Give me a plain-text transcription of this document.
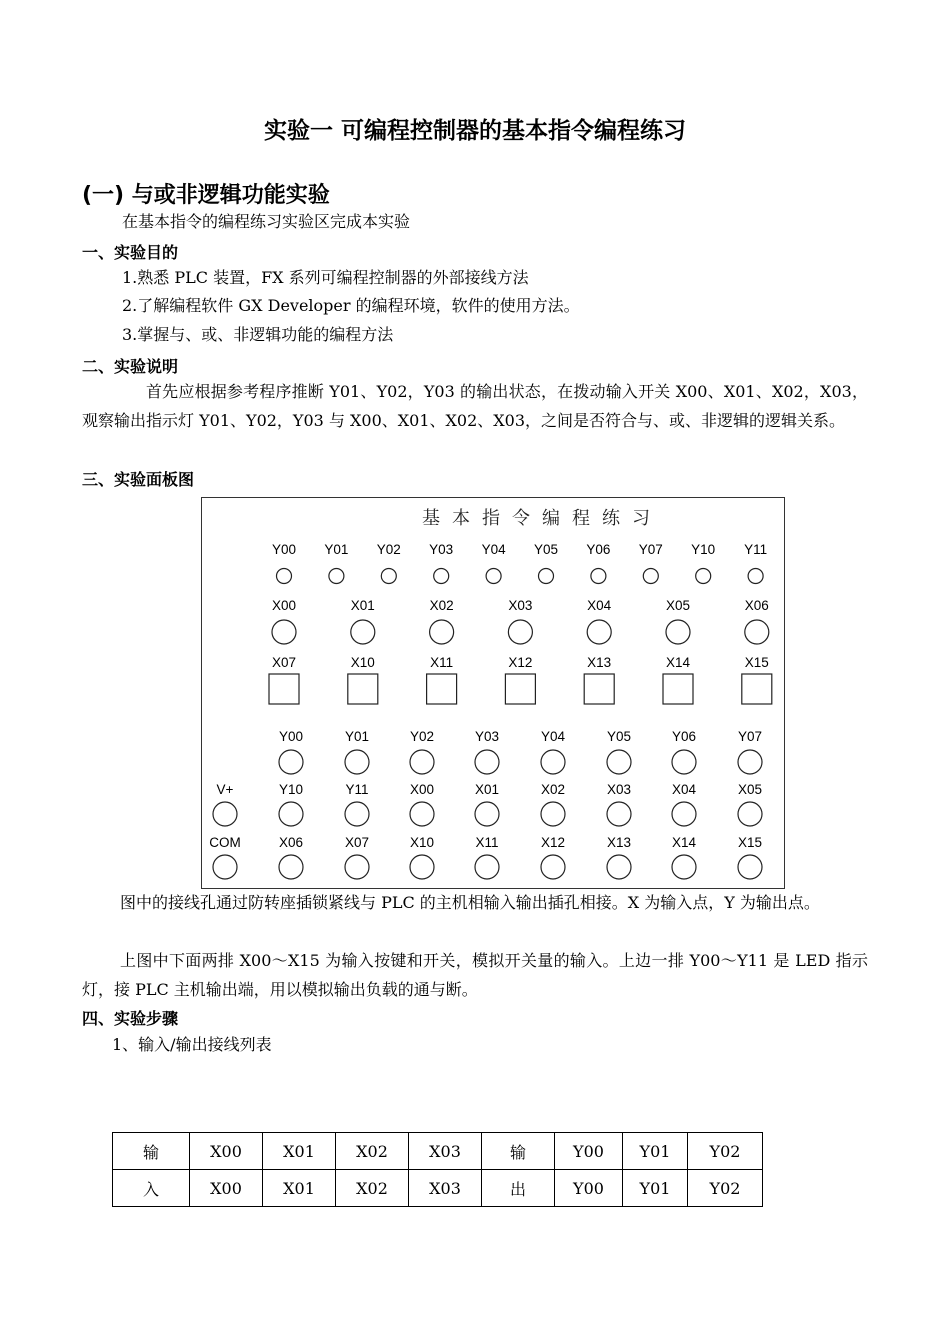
实验一 可编程控制器的基本指令编程练习
(一) 与或非逻辑功能实验
在基本指令的编程练习实验区完成本实验
一、实验目的
1.熟悉 PLC 装置，FX 系列可编程控制器的外部接线方法
2.了解编程软件 GX Developer 的编程环境，软件的使用方法。
3.掌握与、或、非逻辑功能的编程方法
二、实验说明
首先应根据参考程序推断 Y01、Y02，Y03 的输出状态，在拨动输入开关 X00、X01、X02，X03，观察输出指示灯 Y01、Y02，Y03 与 X00、X01、X02、X03，之间是否符合与、或、非逻辑的逻辑关系。
三、实验面板图
基本指令编程练习
Y00 Y01 Y02 Y03 Y04 Y05 Y06 Y07 Y10 Y11
X00	X01	X02	X03	X04	X05	X06
X07	X10	X11	X12	X13	X14	X15
Y00	Y01	Y02	Y03	Y04	Y05	Y06	Y07
V+	Y10	Y11	X00	X01	X02	X03	X04	X05
COM	X06	X07	X10	X11	X12	X13	X14	X15
图中的接线孔通过防转座插锁紧线与 PLC 的主机相输入输出插孔相接。X 为输入点，Y 为输出点。
上图中下面两排 X00～X15 为输入按键和开关，模拟开关量的输入。上边一排 Y00～Y11 是 LED 指示灯，接 PLC 主机输出端，用以模拟输出负载的通与断。
四、实验步骤
1、输入/输出接线列表
输	X00	X01	X02	X03	输	Y00	Y01	Y02
入	X00	X01	X02	X03	出	Y00	Y01	Y02
